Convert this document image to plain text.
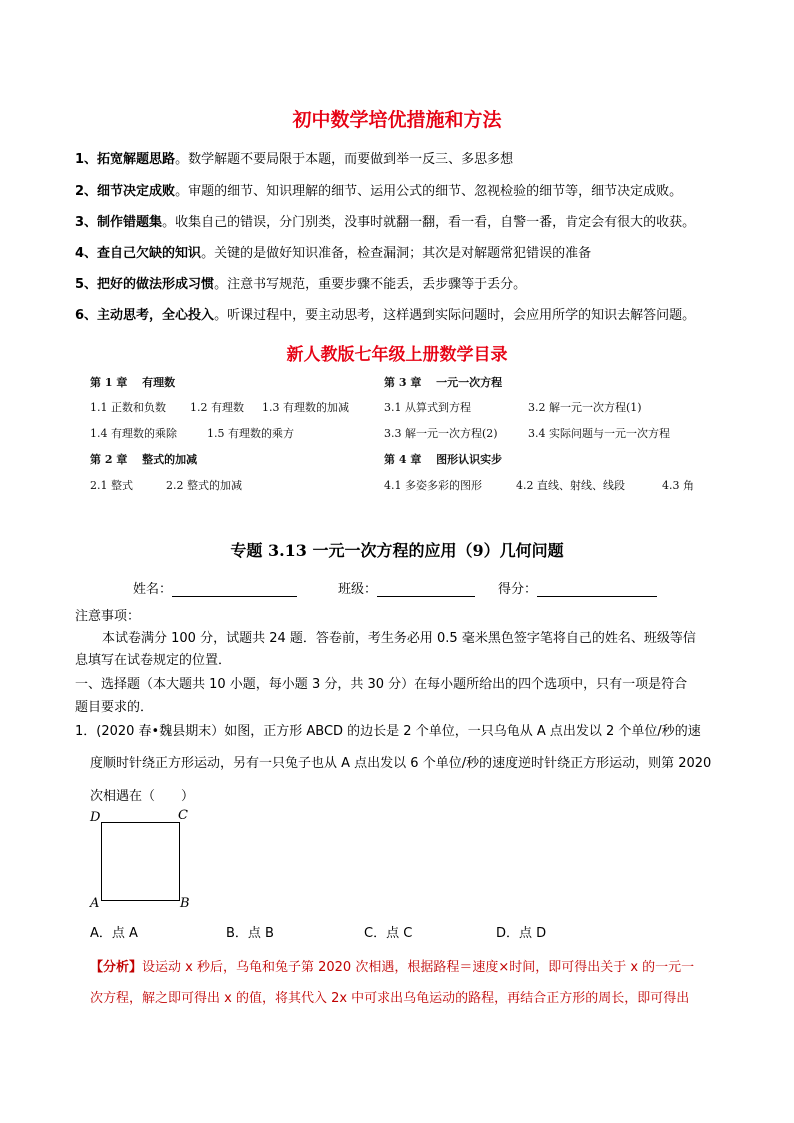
初中数学培优措施和方法
1、拓宽解题思路。数学解题不要局限于本题，而要做到举一反三、多思多想
2、细节决定成败。审题的细节、知识理解的细节、运用公式的细节、忽视检验的细节等，细节决定成败。
3、制作错题集。收集自己的错误，分门别类，没事时就翻一翻，看一看，自警一番，肯定会有很大的收获。
4、查自己欠缺的知识。关键的是做好知识准备，检查漏洞；其次是对解题常犯错误的准备
5、把好的做法形成习惯。注意书写规范，重要步骤不能丢，丢步骤等于丢分。
6、主动思考，全心投入。听课过程中，要主动思考，这样遇到实际问题时，会应用所学的知识去解答问题。
新人教版七年级上册数学目录
第 1 章　 有理数
1.1 正数和负数 1.2 有理数 1.3 有理数的加减
1.4 有理数的乘除	1.5 有理数的乘方
第 2 章　 整式的加减
2.1 整式	2.2 整式的加减
第 3 章　 一元一次方程
3.1 从算式到方程	3.2 解一元一次方程(1)
3.3 解一元一次方程(2)	3.4 实际问题与一元一次方程
第 4 章　 图形认识实步
4.1 多姿多彩的图形	4.2 直线、射线、线段	4.3 角
专题 3.13 一元一次方程的应用（9）几何问题
姓名：	班级：	得分：
注意事项：
本试卷满分 100 分，试题共 24 题．答卷前，考生务必用 0.5 毫米黑色签字笔将自己的姓名、班级等信
息填写在试卷规定的位置．
一、选择题（本大题共 10 小题，每小题 3 分，共 30 分）在每小题所给出的四个选项中，只有一项是符合
题目要求的．
1．(2020 春•魏县期末）如图，正方形 ABCD 的边长是 2 个单位，一只乌龟从 A 点出发以 2 个单位/秒的速
度顺时针绕正方形运动，另有一只兔子也从 A 点出发以 6 个单位/秒的速度逆时针绕正方形运动，则第 2020
次相遇在（　　）
D	C
A	B
A．点 A	B．点 B	C．点 C	D．点 D
【分析】设运动 x 秒后，乌龟和兔子第 2020 次相遇，根据路程＝速度×时间，即可得出关于 x 的一元一
次方程，解之即可得出 x 的值，将其代入 2x 中可求出乌龟运动的路程，再结合正方形的周长，即可得出
